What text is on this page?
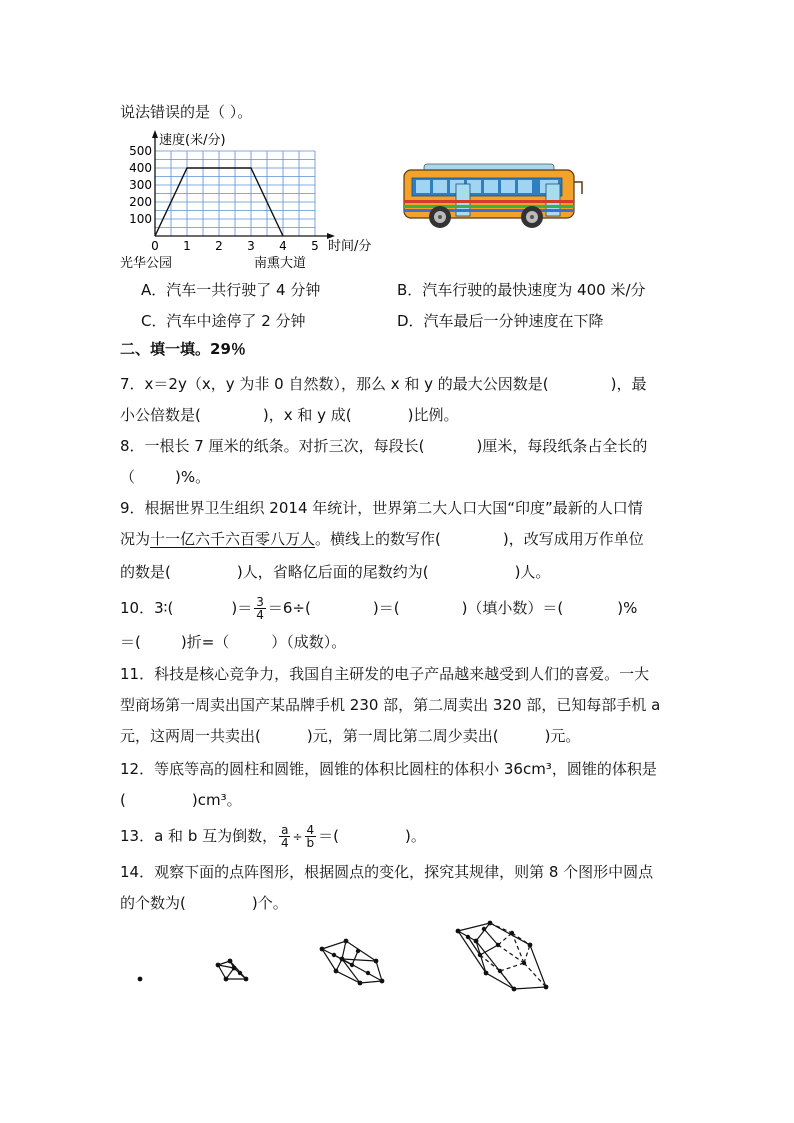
说法错误的是（ ）。
速度(米/分)
时间/分
100
200
300
400
500
0 1 2 3 4 5
光华公园	南熏大道
A．汽车一共行驶了 4 分钟	B．汽车行驶的最快速度为 400 米/分
C．汽车中途停了 2 分钟	D．汽车最后一分钟速度在下降
二、填一填。29％
7．x＝2y（x，y 为非 0 自然数），那么 x 和 y 的最大公因数是(	)，最
小公倍数是(	)，x 和 y 成(	)比例。
8．一根长 7 厘米的纸条。对折三次，每段长(	)厘米，每段纸条占全长的
（	)%。
9．根据世界卫生组织 2014 年统计，世界第二大人口大国“印度”最新的人口情
况为十一亿六千六百零八万人。横线上的数写作(	)，改写成用万作单位
的数是(	)人，省略亿后面的尾数约为(	)人。
10．3∶(	)＝ $\frac{3}{4} =6\div$(	)＝(	)（填小数）＝(	)%
＝(	)折=（	）（成数）。
11．科技是核心竞争力，我国自主研发的电子产品越来越受到人们的喜爱。一大
型商场第一周卖出国产某品牌手机 230 部，第二周卖出 320 部，已知每部手机 a
元，这两周一共卖出(	)元，第一周比第二周少卖出(	)元。
12．等底等高的圆柱和圆锥，圆锥的体积比圆柱的体积小 36cm³，圆锥的体积是
(	)cm³。
13．a 和 b 互为倒数， $\frac{a}{4} \div \frac{4}{b}$ ＝(	)。
14．观察下面的点阵图形，根据圆点的变化，探究其规律，则第 8 个图形中圆点
的个数为(	)个。
